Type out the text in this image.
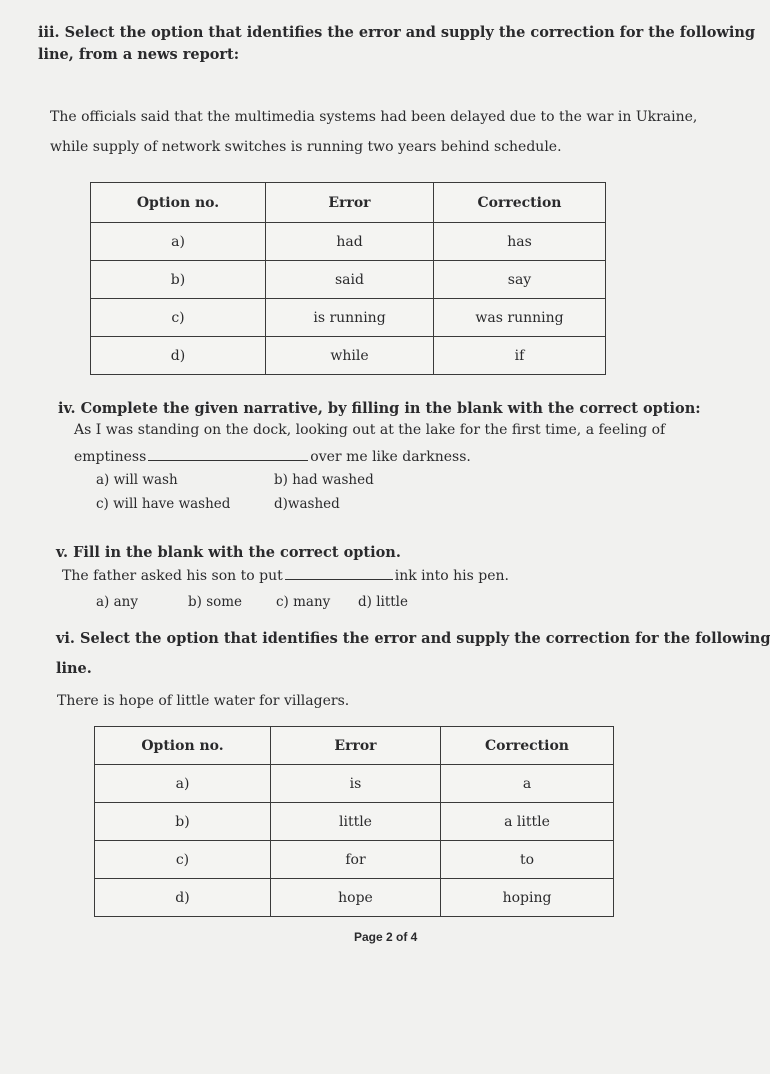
iii. Select the option that identifies the error and supply the correction for the following
line, from a news report:
The officials said that the multimedia systems had been delayed due to the war in Ukraine,
while supply of network switches is running two years behind schedule.
Option no.	Error	Correction
a)	had	has
b)	said	say
c)	is running	was running
d)	while	if
iv. Complete the given narrative, by filling in the blank with the correct option:
As I was standing on the dock, looking out at the lake for the first time, a feeling of
emptiness	over me like darkness.
a) will wash	b) had washed
c) will have washed	d)washed
v. Fill in the blank with the correct option.
The father asked his son to put	ink into his pen.
a) any	b) some	c) many d) little
vi. Select the option that identifies the error and supply the correction for the following
line.
There is hope of little water for villagers.
Option no.	Error	Correction
a)	is	a
b)	little	a little
c)	for	to
d)	hope	hoping
Page 2 of 4
